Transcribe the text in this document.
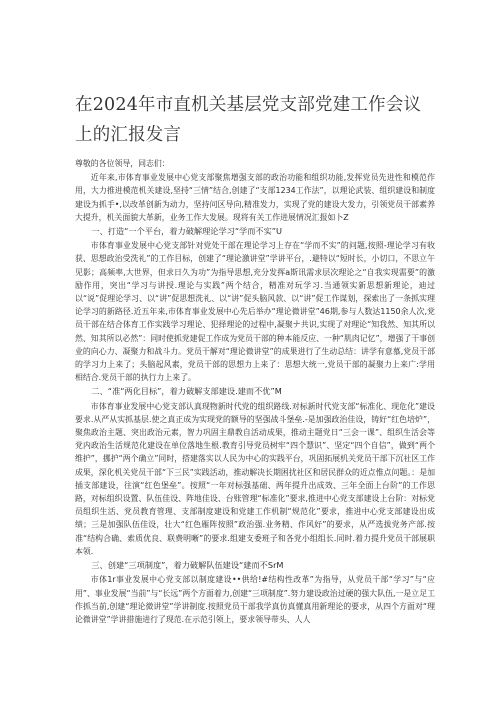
在2024年市直机关基层党支部党建工作会议上的汇报发言

尊敬的各位领导，同志们：

近年来,市体育事业发展中心党支部聚焦增强支部的政治功能和组织功能,发挥党员先进性和模范作用，大力推进模范机关建设,坚持“三情”结合,创建了“支部1234工作法”，以理论武装、组织建设和制度建设为抓手•,以改革创新为动力，坚持问区导向,精准发力，实现了党的建设大发力，引领党员干部素养大提升，机关面貌大革新，业务工作大发展。现将有关工作进展情况汇报如卜Z

一、打造“一个平台，着力破解理论学习“学而不实”U

市体育事业发展中心党支部针对党处干部在理论学习上存在“学而不实”的问题,按照-理论学习有收获、思想政治受洗礼”的工作目标，创建了“理论激讲堂”学讲平台，.避特以“短时长，小切口，不思立午见影；高频率,大世界，但求日久为功”为指导思想,充分发挥a斯讯需求层次理论之“自我实现需要”的激励作用，突出“学习与讲授.理论与实践”两个结合，精准对玩学习.当通领实新思想新理论，迪过以“说”促理论学习、以“讲”促思想洗礼、以“讲”促头脑风款、以“讲”促工作谋划，探索出了一条抓实理论学习的新路径.近五年来,市体育事业发展中心先后举办“理论微讲堂”46期,参与人数达1150余人次,党员干部在结合体育工作实践学习理论、犯择理论的过程中,凝聚ナ共识,实现了对理论“知我然、知其所以然、知其所以必然”：同时使抓党建促工作成为党员干部的种本能反应、一种“肌肉记忆”，增强了干事创业的向心力、凝聚力和战斗力。党员干解对“理论微讲堂”的成果进行了生动总结：讲学有意慕,党员干部的学习力上来了；头脑起风素，党员干部的思想力上来了：思想大统一,党员干部的凝聚力上来广:学用相结合.党员干部的执行力上来了。

二、“准“两化目标”，着力破解支部建设.建而不优”M

市体育事业发展中心党支部认真现物新时代党的组织路线.对标新时代党支部“标准化、现危化”建设要求.从严从实抓基层.使之真正成为实现党的额导的坚强战斗堡垒.-是加强政治佳设，铸好“红色培炉”，聚焦政治主题、突出政治元素，智力巩固主鼎教自活动成果，推动主题党日“三会一课”、组织生活会等党内政治生活规范化建设在单位落地生根.教育引导党员树牢“四个慧识”、坚定“四个自信”，做到“两个维护”，挪护“两个确立”同时，搭建落实以人民为中心的实践平台，巩固拓展机关党员干部下沉社区工作成果，深化机关党员干部“下三民”实践活动，推动解决长期困扰社区和居民群众的近点惟点问题。：是加插支部建设，往演“红色堡垒”。按照“一年对标强基础、两年提升出成效、三年全面上台阶”的工作思路，对标组织设置、队伍佳设、阵地佳设、台账管理“标准化”要求,推进中心党支部建设上台阶：对标党员组织生活、党员教育管理、支部制度建设和党建工作机制“规范化”要求，推进中心党支部建设出成绩；三是加强队伍佳设，壮大“红色雁阵按照”政治强.业务精、作风好”的要求，从严选拔党务产部.按准“结构合确、索质优良、联费明晰”的要求.组建支委班子和各党小组组长.同时.着力提升党员干部展职本领.

三、创建“三项制度”，着力破解队伍建设“建而不SrM

市体1r事业发展中心党支部以制度建设••供给!#结构性改革”为指导，从党员干部“学习”与“应用”、事业发展“当前”与“长远”两个方面着力,创建“三项制度”.努力建设政治过硬的强大队伍,一是立足工作抓当前,创建“理论微讲堂”学讲制度.按照党员干部我学真仿真懂真用新理论的要求，从四个方面对“理论微讲堂”学讲措施进行了现范.在示范引领上，要求领导带头、人人
